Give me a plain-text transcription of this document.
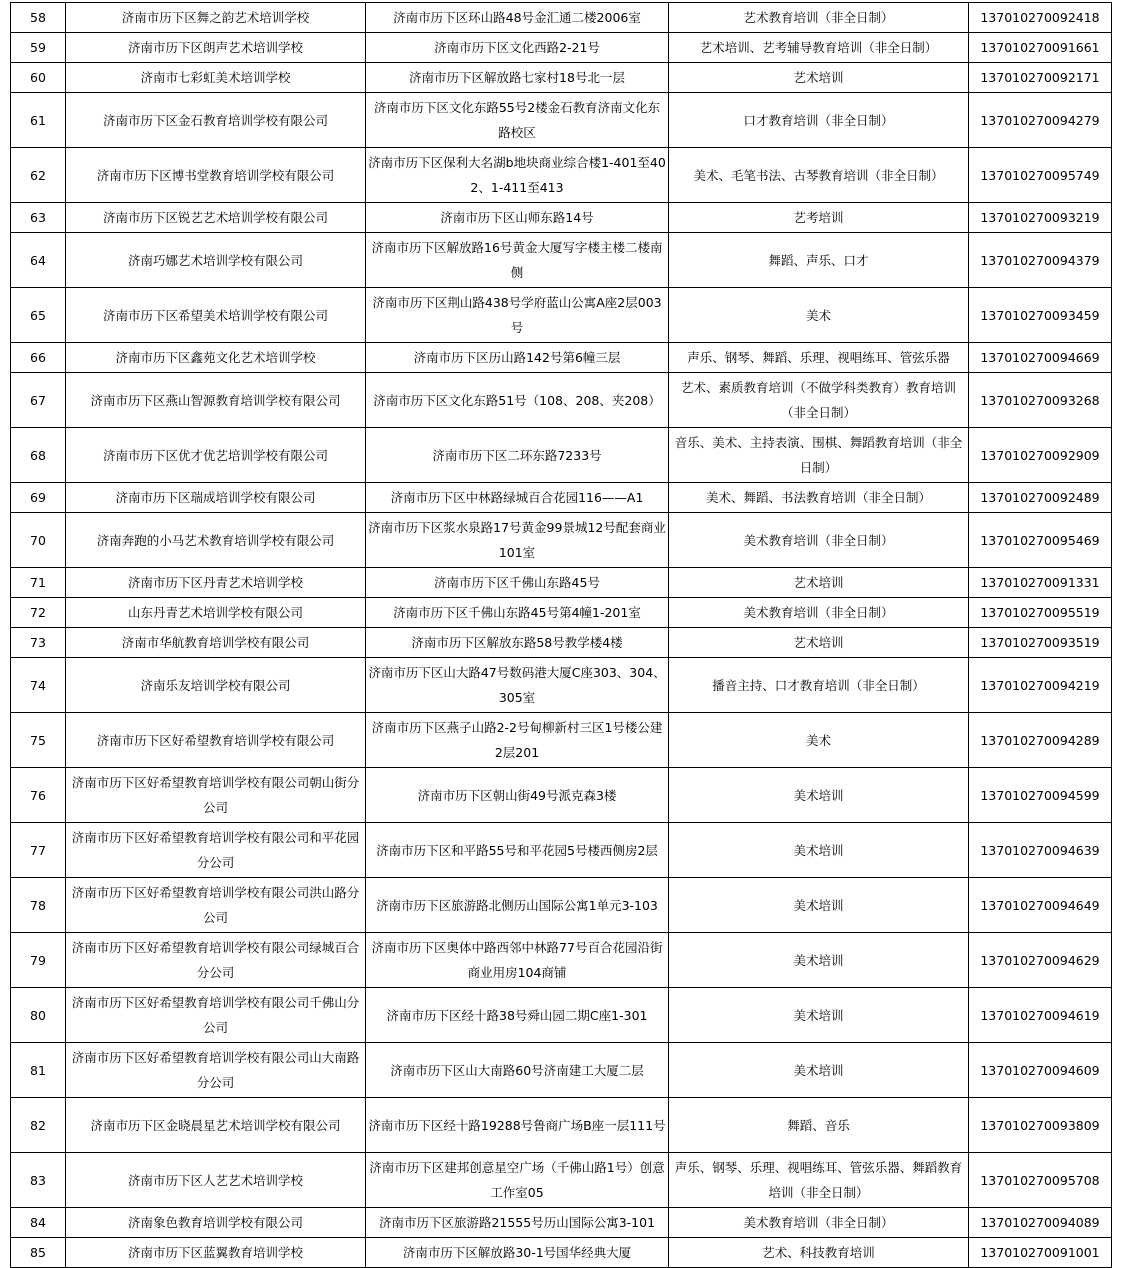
58	济南市历下区舞之韵艺术培训学校	济南市历下区环山路48号金汇通二楼2006室	艺术教育培训（非全日制）	137010270092418
59	济南市历下区朗声艺术培训学校	济南市历下区文化西路2-21号	艺术培训、艺考辅导教育培训（非全日制）	137010270091661
60	济南市七彩虹美术培训学校	济南市历下区解放路七家村18号北一层	艺术培训	137010270092171
61	济南市历下区金石教育培训学校有限公司	济南市历下区文化东路55号2楼金石教育济南文化东路校区	口才教育培训（非全日制）	137010270094279
62	济南市历下区博书堂教育培训学校有限公司	济南市历下区保利大名湖b地块商业综合楼1-401至402、1-411至413	美术、毛笔书法、古琴教育培训（非全日制）	137010270095749
63	济南市历下区锐艺艺术培训学校有限公司	济南市历下区山师东路14号	艺考培训	137010270093219
64	济南巧娜艺术培训学校有限公司	济南市历下区解放路16号黄金大厦写字楼主楼二楼南侧	舞蹈、声乐、口才	137010270094379
65	济南市历下区希望美术培训学校有限公司	济南市历下区荆山路438号学府蓝山公寓A座2层003号	美术	137010270093459
66	济南市历下区鑫苑文化艺术培训学校	济南市历下区历山路142号第6幢三层	声乐、钢琴、舞蹈、乐理、视唱练耳、管弦乐器	137010270094669
67	济南市历下区燕山智源教育培训学校有限公司	济南市历下区文化东路51号（108、208、夹208）	艺术、素质教育培训（不做学科类教育）教育培训（非全日制）	137010270093268
68	济南市历下区优才优艺培训学校有限公司	济南市历下区二环东路7233号	音乐、美术、主持表演、围棋、舞蹈教育培训（非全日制）	137010270092909
69	济南市历下区瑞成培训学校有限公司	济南市历下区中林路绿城百合花园116——A1	美术、舞蹈、书法教育培训（非全日制）	137010270092489
70	济南奔跑的小马艺术教育培训学校有限公司	济南市历下区浆水泉路17号黄金99景城12号配套商业101室	美术教育培训（非全日制）	137010270095469
71	济南市历下区丹青艺术培训学校	济南市历下区千佛山东路45号	艺术培训	137010270091331
72	山东丹青艺术培训学校有限公司	济南市历下区千佛山东路45号第4幢1-201室	美术教育培训（非全日制）	137010270095519
73	济南市华航教育培训学校有限公司	济南市历下区解放东路58号教学楼4楼	艺术培训	137010270093519
74	济南乐友培训学校有限公司	济南市历下区山大路47号数码港大厦C座303、304、305室	播音主持、口才教育培训（非全日制）	137010270094219
75	济南市历下区好希望教育培训学校有限公司	济南市历下区燕子山路2-2号甸柳新村三区1号楼公建2层201	美术	137010270094289
76	济南市历下区好希望教育培训学校有限公司朝山街分公司	济南市历下区朝山街49号派克森3楼	美术培训	137010270094599
77	济南市历下区好希望教育培训学校有限公司和平花园分公司	济南市历下区和平路55号和平花园5号楼西侧房2层	美术培训	137010270094639
78	济南市历下区好希望教育培训学校有限公司洪山路分公司	济南市历下区旅游路北侧历山国际公寓1单元3-103	美术培训	137010270094649
79	济南市历下区好希望教育培训学校有限公司绿城百合分公司	济南市历下区奥体中路西邻中林路77号百合花园沿街商业用房104商铺	美术培训	137010270094629
80	济南市历下区好希望教育培训学校有限公司千佛山分公司	济南市历下区经十路38号舜山园二期C座1-301	美术培训	137010270094619
81	济南市历下区好希望教育培训学校有限公司山大南路分公司	济南市历下区山大南路60号济南建工大厦二层	美术培训	137010270094609
82	济南市历下区金晓晨星艺术培训学校有限公司	济南市历下区经十路19288号鲁商广场B座一层111号	舞蹈、音乐	137010270093809
83	济南市历下区人艺艺术培训学校	济南市历下区建邦创意星空广场（千佛山路1号）创意工作室05	声乐、钢琴、乐理、视唱练耳、管弦乐器、舞蹈教育培训（非全日制）	137010270095708
84	济南象色教育培训学校有限公司	济南市历下区旅游路21555号历山国际公寓3-101	美术教育培训（非全日制）	137010270094089
85	济南市历下区蓝翼教育培训学校	济南市历下区解放路30-1号国华经典大厦	艺术、科技教育培训	137010270091001
